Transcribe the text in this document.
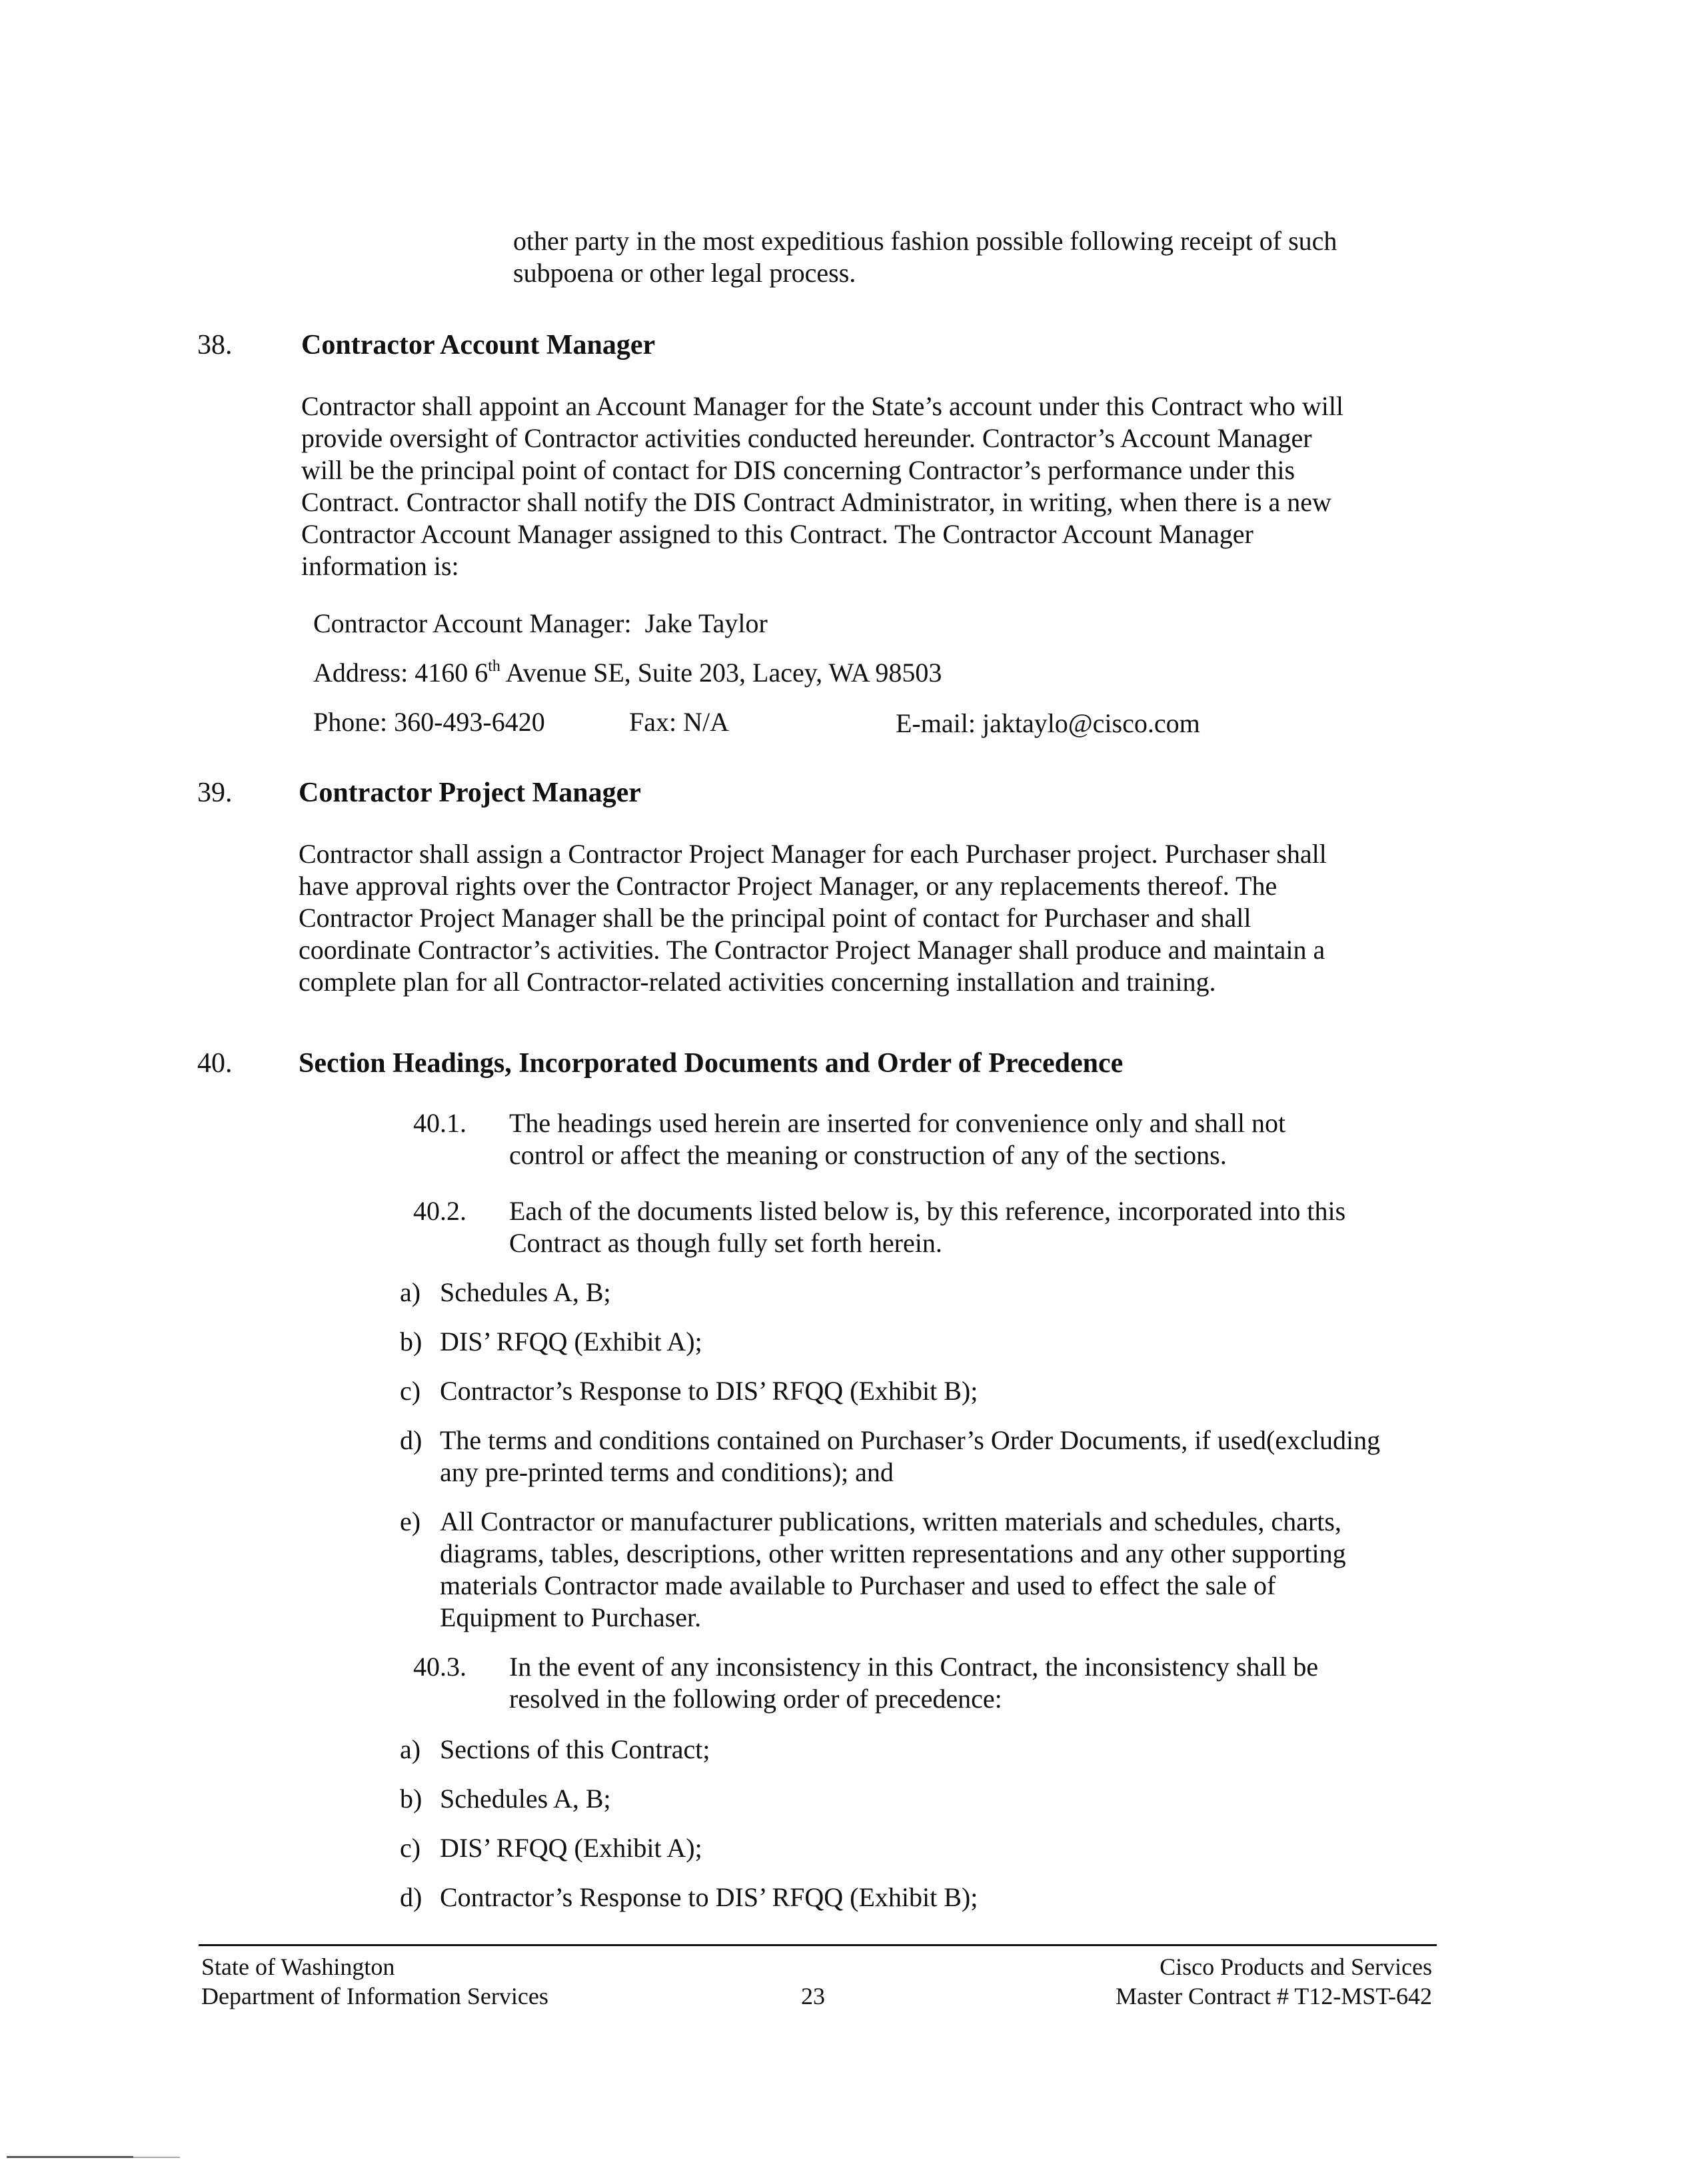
other party in the most expeditious fashion possible following receipt of such
subpoena or other legal process.
38. Contractor Account Manager
Contractor shall appoint an Account Manager for the State’s account under this Contract who will
provide oversight of Contractor activities conducted hereunder. Contractor’s Account Manager
will be the principal point of contact for DIS concerning Contractor’s performance under this
Contract. Contractor shall notify the DIS Contract Administrator, in writing, when there is a new
Contractor Account Manager assigned to this Contract. The Contractor Account Manager
information is:
Contractor Account Manager: Jake Taylor
Address: 4160 6th Avenue SE, Suite 203, Lacey, WA 98503
Phone: 360-493-6420	Fax: N/A	E-mail: jaktaylo@cisco.com
39. Contractor Project Manager
Contractor shall assign a Contractor Project Manager for each Purchaser project. Purchaser shall
have approval rights over the Contractor Project Manager, or any replacements thereof. The
Contractor Project Manager shall be the principal point of contact for Purchaser and shall
coordinate Contractor’s activities. The Contractor Project Manager shall produce and maintain a
complete plan for all Contractor-related activities concerning installation and training.
40. Section Headings, Incorporated Documents and Order of Precedence
40.1. The headings used herein are inserted for convenience only and shall not
control or affect the meaning or construction of any of the sections.
40.2. Each of the documents listed below is, by this reference, incorporated into this
Contract as though fully set forth herein.
a) Schedules A, B;
b) DIS’ RFQQ (Exhibit A);
c) Contractor’s Response to DIS’ RFQQ (Exhibit B);
d) The terms and conditions contained on Purchaser’s Order Documents, if used(excluding
any pre-printed terms and conditions); and
e) All Contractor or manufacturer publications, written materials and schedules, charts,
diagrams, tables, descriptions, other written representations and any other supporting
materials Contractor made available to Purchaser and used to effect the sale of
Equipment to Purchaser.
40.3. In the event of any inconsistency in this Contract, the inconsistency shall be
resolved in the following order of precedence:
a) Sections of this Contract;
b) Schedules A, B;
c) DIS’ RFQQ (Exhibit A);
d) Contractor’s Response to DIS’ RFQQ (Exhibit B);
State of Washington
Department of Information Services	23
Cisco Products and Services
Master Contract # T12-MST-642
